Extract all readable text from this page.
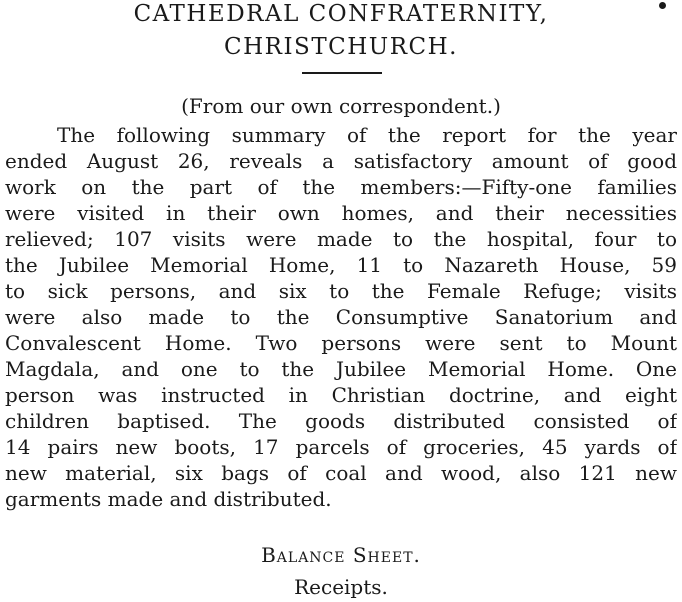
CATHEDRAL CONFRATERNITY,
CHRISTCHURCH.
(From our own correspondent.)
The following summary of the report for the year
ended August 26, reveals a satisfactory amount of good
work on the part of the members:—Fifty-one families
were visited in their own homes, and their necessities
relieved; 107 visits were made to the hospital, four to
the Jubilee Memorial Home, 11 to Nazareth House, 59
to sick persons, and six to the Female Refuge; visits
were also made to the Consumptive Sanatorium and
Convalescent Home. Two persons were sent to Mount
Magdala, and one to the Jubilee Memorial Home. One
person was instructed in Christian doctrine, and eight
children baptised. The goods distributed consisted of
14 pairs new boots, 17 parcels of groceries, 45 yards of
new material, six bags of coal and wood, also 121 new
garments made and distributed.
Balance Sheet.
Receipts.
